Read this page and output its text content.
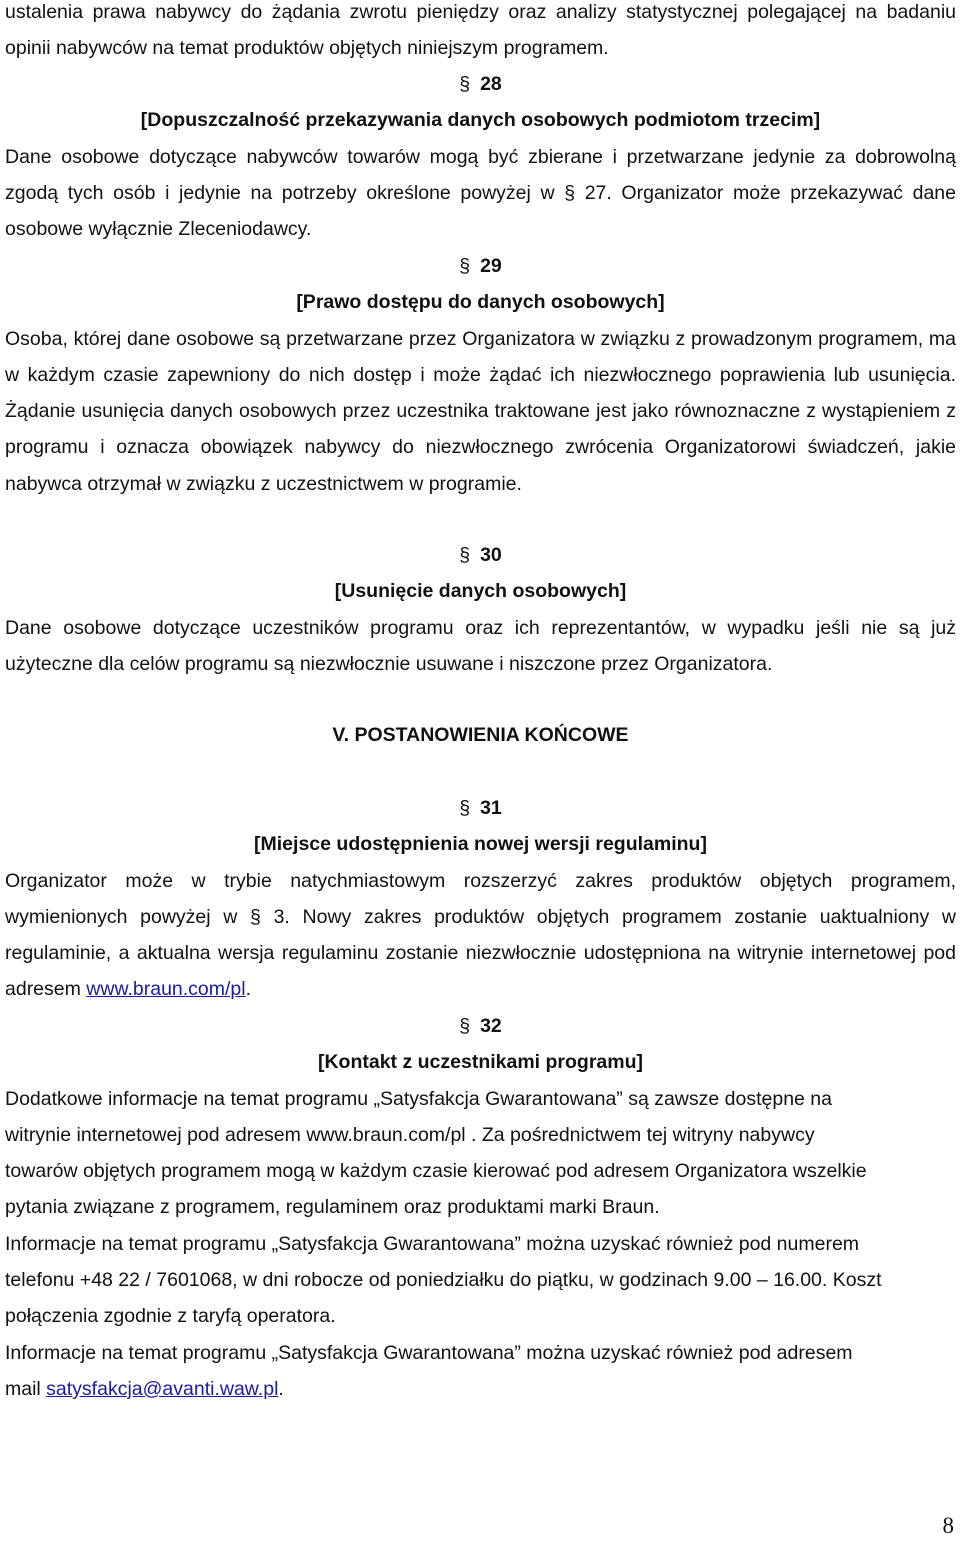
ustalenia prawa nabywcy do żądania zwrotu pieniędzy oraz analizy statystycznej polegającej na badaniu opinii nabywców na temat produktów objętych niniejszym programem.

§ 28

[Dopuszczalność przekazywania danych osobowych podmiotom trzecim]

Dane osobowe dotyczące nabywców towarów mogą być zbierane i przetwarzane jedynie za dobrowolną zgodą tych osób i jedynie na potrzeby określone powyżej w § 27. Organizator może przekazywać dane osobowe wyłącznie Zleceniodawcy.

§ 29

[Prawo dostępu do danych osobowych]

Osoba, której dane osobowe są przetwarzane przez Organizatora w związku z prowadzonym programem, ma w każdym czasie zapewniony do nich dostęp i może żądać ich niezwłocznego poprawienia lub usunięcia. Żądanie usunięcia danych osobowych przez uczestnika traktowane jest jako równoznaczne z wystąpieniem z programu i oznacza obowiązek nabywcy do niezwłocznego zwrócenia Organizatorowi świadczeń, jakie nabywca otrzymał w związku z uczestnictwem w programie.

§ 30

[Usunięcie danych osobowych]

Dane osobowe dotyczące uczestników programu oraz ich reprezentantów, w wypadku jeśli nie są już użyteczne dla celów programu są niezwłocznie usuwane i niszczone przez Organizatora.

V. POSTANOWIENIA KOŃCOWE

§ 31

[Miejsce udostępnienia nowej wersji regulaminu]

Organizator może w trybie natychmiastowym rozszerzyć zakres produktów objętych programem, wymienionych powyżej w § 3. Nowy zakres produktów objętych programem zostanie uaktualniony w regulaminie, a aktualna wersja regulaminu zostanie niezwłocznie udostępniona na witrynie internetowej pod adresem www.braun.com/pl.

§ 32

[Kontakt z uczestnikami programu]

Dodatkowe informacje na temat programu „Satysfakcja Gwarantowana” są zawsze dostępne na
witrynie internetowej pod adresem www.braun.com/pl . Za pośrednictwem tej witryny nabywcy
towarów objętych programem mogą w każdym czasie kierować pod adresem Organizatora wszelkie
pytania związane z programem, regulaminem oraz produktami marki Braun.
Informacje na temat programu „Satysfakcja Gwarantowana” można uzyskać również pod numerem
telefonu +48 22 / 7601068, w dni robocze od poniedziałku do piątku, w godzinach 9.00 – 16.00. Koszt
połączenia zgodnie z taryfą operatora.
Informacje na temat programu „Satysfakcja Gwarantowana” można uzyskać również pod adresem
mail satysfakcja@avanti.waw.pl.
8
